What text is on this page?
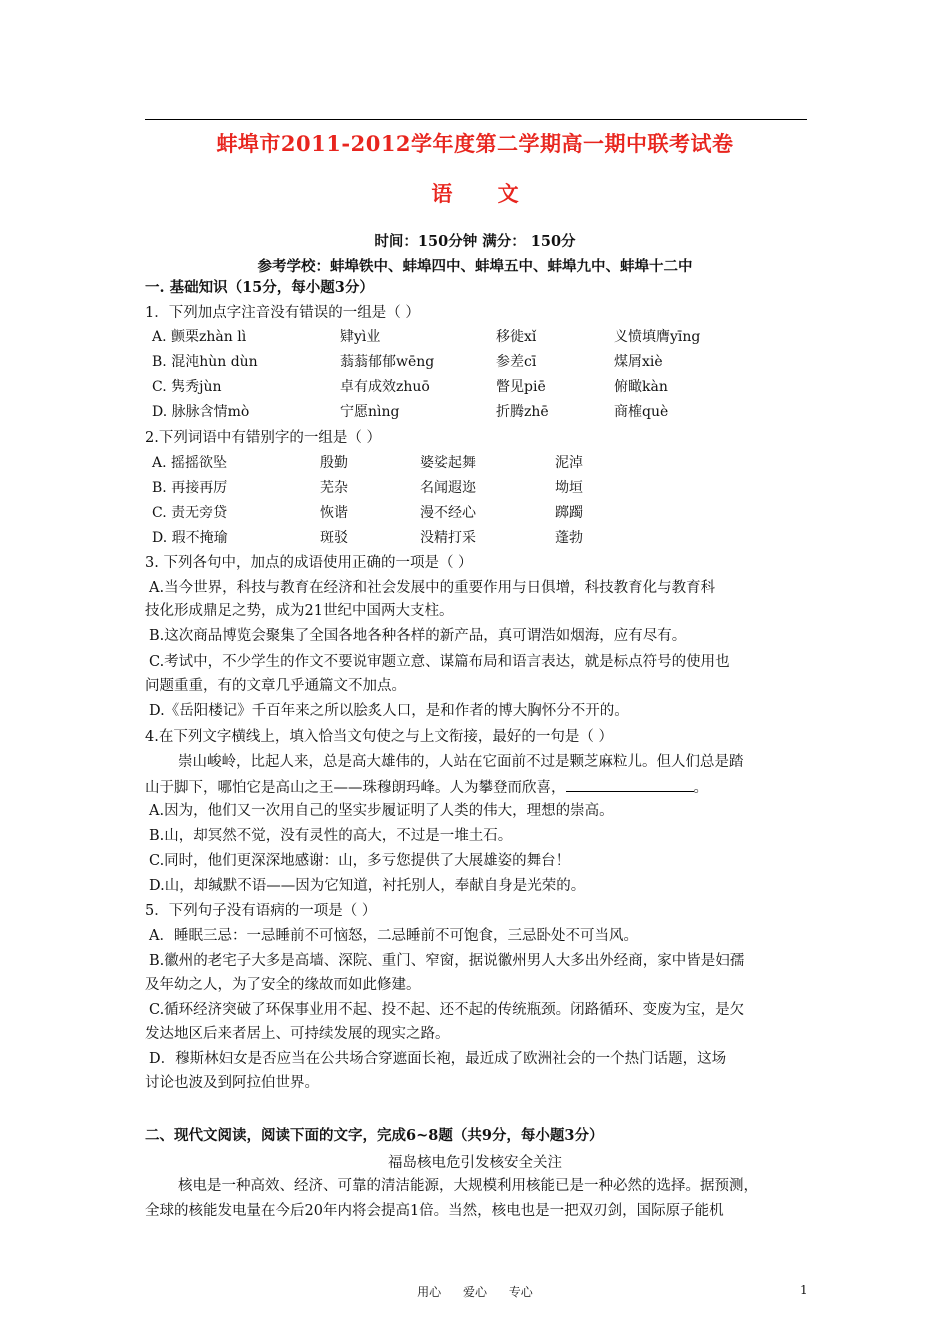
蚌埠市2011-2012学年度第二学期高一期中联考试卷
语 文
时间：150分钟 满分： 150分
参考学校：蚌埠铁中、蚌埠四中、蚌埠五中、蚌埠九中、蚌埠十二中
一. 基础知识（15分，每小题3分）
1．下列加点字注音没有错误的一组是（ ）
A. 颤栗zhàn lì	肄yì业	移徙xǐ	义愤填膺yīng
B. 混沌hùn dùn	蓊蓊郁郁wēng	参差cī	煤屑xiè
C. 隽秀jùn	卓有成效zhuō	瞥见piē	俯瞰kàn
D. 脉脉含情mò	宁愿nìng	折腾zhē	商榷què
2.下列词语中有错别字的一组是（ ）
A. 摇摇欲坠	殷勤	婆娑起舞	泥淖
B. 再接再厉	芜杂	名闻遐迩	坳垣
C. 责无旁贷	恢谐	漫不经心	踯躅
D. 瑕不掩瑜	斑驳	没精打采	蓬勃
3. 下列各句中，加点的成语使用正确的一项是（ ）
A.当今世界，科技与教育在经济和社会发展中的重要作用与日俱增，科技教育化与教育科
技化形成鼎足之势，成为21世纪中国两大支柱。
B.这次商品博览会聚集了全国各地各种各样的新产品，真可谓浩如烟海，应有尽有。
C.考试中，不少学生的作文不要说审题立意、谋篇布局和语言表达，就是标点符号的使用也
问题重重，有的文章几乎通篇文不加点。
D.《岳阳楼记》千百年来之所以脍炙人口，是和作者的博大胸怀分不开的。
4.在下列文字横线上，填入恰当文句使之与上文衔接，最好的一句是（ ）
崇山峻岭，比起人来，总是高大雄伟的，人站在它面前不过是颗芝麻粒儿。但人们总是踏
山于脚下，哪怕它是高山之王——珠穆朗玛峰。人为攀登而欣喜，	。
A.因为，他们又一次用自己的坚实步履证明了人类的伟大，理想的崇高。
B.山，却冥然不觉，没有灵性的高大，不过是一堆土石。
C.同时，他们更深深地感谢：山，多亏您提供了大展雄姿的舞台！
D.山，却缄默不语——因为它知道，衬托别人，奉献自身是光荣的。
5．下列句子没有语病的一项是（ ）
A．睡眠三忌：一忌睡前不可恼怒，二忌睡前不可饱食，三忌卧处不可当风。
B.徽州的老宅子大多是高墙、深院、重门、窄窗，据说徽州男人大多出外经商，家中皆是妇孺
及年幼之人，为了安全的缘故而如此修建。
C.循环经济突破了环保事业用不起、投不起、还不起的传统瓶颈。闭路循环、变废为宝，是欠
发达地区后来者居上、可持续发展的现实之路。
D．穆斯林妇女是否应当在公共场合穿遮面长袍，最近成了欧洲社会的一个热门话题，这场
讨论也波及到阿拉伯世界。
二、现代文阅读，阅读下面的文字，完成6~8题（共9分，每小题3分）
福岛核电危引发核安全关注
核电是一种高效、经济、可靠的清洁能源，大规模利用核能已是一种必然的选择。据预测，
全球的核能发电量在今后20年内将会提高1倍。当然，核电也是一把双刃剑，国际原子能机
用心 爱心 专心	1
